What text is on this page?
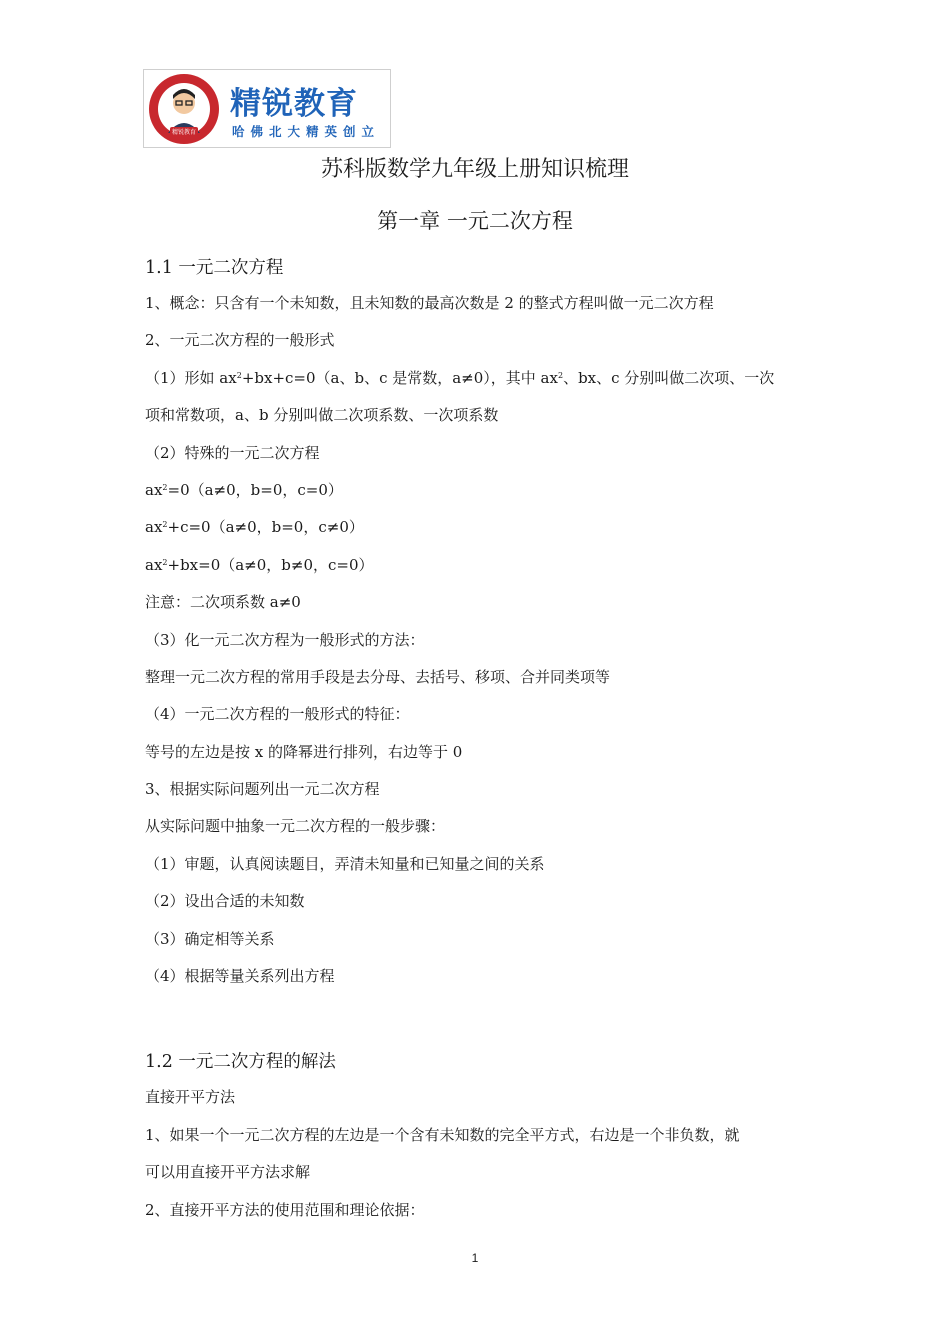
精锐教育
精锐教育
哈佛北大精英创立
苏科版数学九年级上册知识梳理
第一章 一元二次方程
1.1 一元二次方程
1、概念：只含有一个未知数，且未知数的最高次数是 2 的整式方程叫做一元二次方程
2、一元二次方程的一般形式
（1）形如 $ax^2+bx+c=0(a$、b、c 是常数，a≠0），其中 $ax^2$、bx、c 分别叫做二次项、一次
项和常数项，a、b 分别叫做二次项系数、一次项系数
（2）特殊的一元二次方程
$ax^2=0(a\ne 0$，b=0，c=0）
$ax^2+c=0(a\ne 0$，b=0，c≠0）
$ax^2+bx=0(a\ne 0$，b≠0，c=0）
注意：二次项系数 a≠0
（3）化一元二次方程为一般形式的方法：
整理一元二次方程的常用手段是去分母、去括号、移项、合并同类项等
（4）一元二次方程的一般形式的特征：
等号的左边是按 x 的降幂进行排列，右边等于 0
3、根据实际问题列出一元二次方程
从实际问题中抽象一元二次方程的一般步骤：
（1）审题，认真阅读题目，弄清未知量和已知量之间的关系
（2）设出合适的未知数
（3）确定相等关系
（4）根据等量关系列出方程
1.2 一元二次方程的解法
直接开平方法
1、如果一个一元二次方程的左边是一个含有未知数的完全平方式，右边是一个非负数，就
可以用直接开平方法求解
2、直接开平方法的使用范围和理论依据：
1
